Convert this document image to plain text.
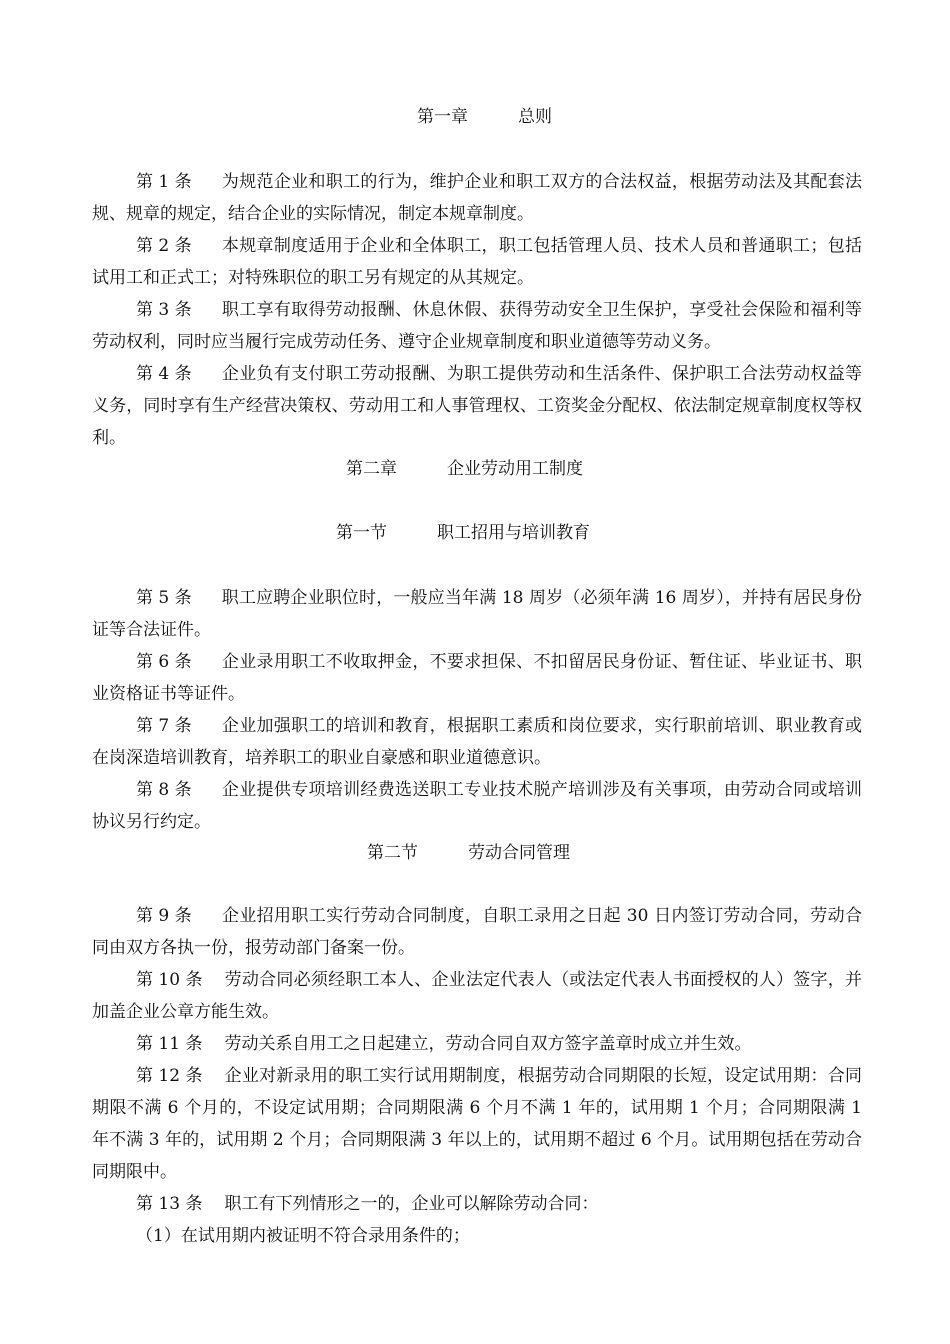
第一章	总则
第 1 条 为规范企业和职工的行为，维护企业和职工双方的合法权益，根据劳动法及其配套法规、规章的规定，结合企业的实际情况，制定本规章制度。
第 2 条 本规章制度适用于企业和全体职工，职工包括管理人员、技术人员和普通职工；包括试用工和正式工；对特殊职位的职工另有规定的从其规定。
第 3 条 职工享有取得劳动报酬、休息休假、获得劳动安全卫生保护，享受社会保险和福利等劳动权利，同时应当履行完成劳动任务、遵守企业规章制度和职业道德等劳动义务。
第 4 条 企业负有支付职工劳动报酬、为职工提供劳动和生活条件、保护职工合法劳动权益等义务，同时享有生产经营决策权、劳动用工和人事管理权、工资奖金分配权、依法制定规章制度权等权利。
第二章	企业劳动用工制度
第一节	职工招用与培训教育
第 5 条 职工应聘企业职位时，一般应当年满 18 周岁（必须年满 16 周岁），并持有居民身份证等合法证件。
第 6 条 企业录用职工不收取押金，不要求担保、不扣留居民身份证、暂住证、毕业证书、职业资格证书等证件。
第 7 条 企业加强职工的培训和教育，根据职工素质和岗位要求，实行职前培训、职业教育或在岗深造培训教育，培养职工的职业自豪感和职业道德意识。
第 8 条 企业提供专项培训经费选送职工专业技术脱产培训涉及有关事项，由劳动合同或培训协议另行约定。
第二节	劳动合同管理
第 9 条 企业招用职工实行劳动合同制度，自职工录用之日起 30 日内签订劳动合同，劳动合同由双方各执一份，报劳动部门备案一份。
第 10 条 劳动合同必须经职工本人、企业法定代表人（或法定代表人书面授权的人）签字，并加盖企业公章方能生效。
第 11 条 劳动关系自用工之日起建立，劳动合同自双方签字盖章时成立并生效。
第 12 条 企业对新录用的职工实行试用期制度，根据劳动合同期限的长短，设定试用期：合同期限不满 6 个月的，不设定试用期；合同期限满 6 个月不满 1 年的，试用期 1 个月；合同期限满 1 年不满 3 年的，试用期 2 个月；合同期限满 3 年以上的，试用期不超过 6 个月。试用期包括在劳动合同期限中。
第 13 条 职工有下列情形之一的，企业可以解除劳动合同：
（1）在试用期内被证明不符合录用条件的；
